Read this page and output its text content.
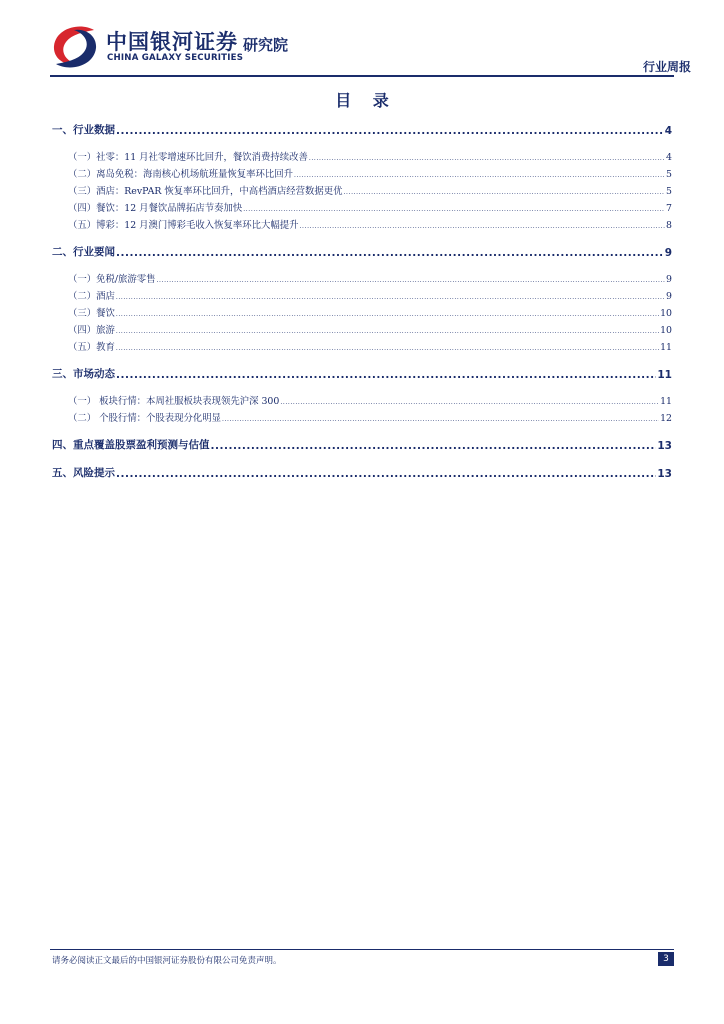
中国银河证券
CHINA GALAXY SECURITIES
研究院
行业周报
目 录
一、行业数据 .....	4
（一）社零：11 月社零增速环比回升，餐饮消费持续改善 .....	4
（二）离岛免税：海南核心机场航班量恢复率环比回升 .....	5
（三）酒店：RevPAR 恢复率环比回升，中高档酒店经营数据更优 .....	5
（四）餐饮：12 月餐饮品牌拓店节奏加快 .....	7
（五）博彩：12 月澳门博彩毛收入恢复率环比大幅提升 .....	8
二、行业要闻 .....	9
（一）免税/旅游零售 .....	9
（二）酒店 .....	9
（三）餐饮 .....	10
（四）旅游 .....	10
（五）教育 .....	11
三、市场动态 .....	11
（一） 板块行情：本周社服板块表现领先沪深 300 .....	11
（二） 个股行情：个股表现分化明显 .....	12
四、重点覆盖股票盈利预测与估值 .....	13
五、风险提示 .....	13
请务必阅读正文最后的中国银河证券股份有限公司免责声明。	3
